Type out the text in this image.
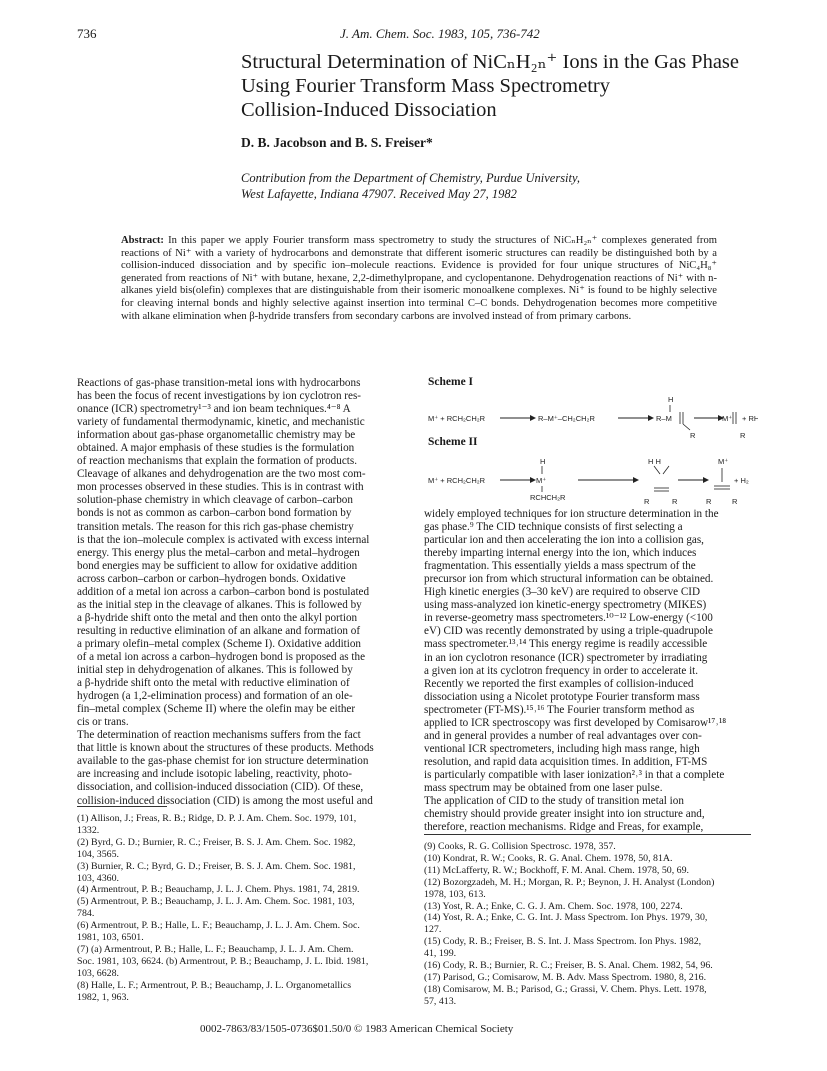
736	J. Am. Chem. Soc. 1983, 105, 736-742
Structural Determination of NiCₙH₂ₙ⁺ Ions in the Gas Phase
Using Fourier Transform Mass Spectrometry
Collision-Induced Dissociation
D. B. Jacobson and B. S. Freiser*
Contribution from the Department of Chemistry, Purdue University,
West Lafayette, Indiana 47907. Received May 27, 1982
Abstract: In this paper we apply Fourier transform mass spectrometry to study the structures of NiCₙH₂ₙ⁺ complexes generated from reactions of Ni⁺ with a variety of hydrocarbons and demonstrate that different isomeric structures can readily be distinguished both by a collision-induced dissociation and by specific ion–molecule reactions. Evidence is provided for four unique structures of NiC₄H₈⁺ generated from reactions of Ni⁺ with butane, hexane, 2,2-dimethylpropane, and cyclopentanone. Dehydrogenation reactions of Ni⁺ with n-alkanes yield bis(olefin) complexes that are distinguishable from their isomeric monoalkene complexes. Ni⁺ is found to be highly selective for cleaving internal bonds and highly selective against insertion into terminal C–C bonds. Dehydrogenation becomes more competitive with alkane elimination when β-hydride transfers from secondary carbons are involved instead of from primary carbons.
Reactions of gas-phase transition-metal ions with hydrocarbons
has been the focus of recent investigations by ion cyclotron res-
onance (ICR) spectrometry¹⁻³ and ion beam techniques.⁴⁻⁸ A
variety of fundamental thermodynamic, kinetic, and mechanistic
information about gas-phase organometallic chemistry may be
obtained. A major emphasis of these studies is the formulation
of reaction mechanisms that explain the formation of products.
Cleavage of alkanes and dehydrogenation are the two most com-
mon processes observed in these studies. This is in contrast with
solution-phase chemistry in which cleavage of carbon–carbon
bonds is not as common as carbon–carbon bond formation by
transition metals. The reason for this rich gas-phase chemistry
is that the ion–molecule complex is activated with excess internal
energy. This energy plus the metal–carbon and metal–hydrogen
bond energies may be sufficient to allow for oxidative addition
across carbon–carbon or carbon–hydrogen bonds. Oxidative
addition of a metal ion across a carbon–carbon bond is postulated
as the initial step in the cleavage of alkanes. This is followed by
a β-hydride shift onto the metal and then onto the alkyl portion
resulting in reductive elimination of an alkane and formation of
a primary olefin–metal complex (Scheme I). Oxidative addition
of a metal ion across a carbon–hydrogen bond is proposed as the
initial step in dehydrogenation of alkanes. This is followed by
a β-hydride shift onto the metal with reductive elimination of
hydrogen (a 1,2-elimination process) and formation of an ole-
fin–metal complex (Scheme II) where the olefin may be either
cis or trans.
The determination of reaction mechanisms suffers from the fact
that little is known about the structures of these products. Methods
available to the gas-phase chemist for ion structure determination
are increasing and include isotopic labeling, reactivity, photo-
dissociation, and collision-induced dissociation (CID). Of these,
collision-induced dissociation (CID) is among the most useful and
Scheme I
M⁺ + RCH₂CH₂R	R–M⁺–CH₂CH₂R
H
R–M
R
M⁺
R
+ RH
Scheme II
M⁺ + RCH₂CH₂R
H
M⁺
RCHCH₂R
H H
R	R
M⁺
R	R
+ H₂
widely employed techniques for ion structure determination in the
gas phase.⁹ The CID technique consists of first selecting a
particular ion and then accelerating the ion into a collision gas,
thereby imparting internal energy into the ion, which induces
fragmentation. This essentially yields a mass spectrum of the
precursor ion from which structural information can be obtained.
High kinetic energies (3–30 keV) are required to observe CID
using mass-analyzed ion kinetic-energy spectrometry (MIKES)
in reverse-geometry mass spectrometers.¹⁰⁻¹² Low-energy (<100
eV) CID was recently demonstrated by using a triple-quadrupole
mass spectrometer.¹³˒¹⁴ This energy regime is readily accessible
in an ion cyclotron resonance (ICR) spectrometer by irradiating
a given ion at its cyclotron frequency in order to accelerate it.
Recently we reported the first examples of collision-induced
dissociation using a Nicolet prototype Fourier transform mass
spectrometer (FT-MS).¹⁵˒¹⁶ The Fourier transform method as
applied to ICR spectroscopy was first developed by Comisarow¹⁷˒¹⁸
and in general provides a number of real advantages over con-
ventional ICR spectrometers, including high mass range, high
resolution, and rapid data acquisition times. In addition, FT-MS
is particularly compatible with laser ionization²˒³ in that a complete
mass spectrum may be obtained from one laser pulse.
The application of CID to the study of transition metal ion
chemistry should provide greater insight into ion structure and,
therefore, reaction mechanisms. Ridge and Freas, for example,
(1) Allison, J.; Freas, R. B.; Ridge, D. P. J. Am. Chem. Soc. 1979, 101,
1332.
(2) Byrd, G. D.; Burnier, R. C.; Freiser, B. S. J. Am. Chem. Soc. 1982,
104, 3565.
(3) Burnier, R. C.; Byrd, G. D.; Freiser, B. S. J. Am. Chem. Soc. 1981,
103, 4360.
(4) Armentrout, P. B.; Beauchamp, J. L. J. Chem. Phys. 1981, 74, 2819.
(5) Armentrout, P. B.; Beauchamp, J. L. J. Am. Chem. Soc. 1981, 103,
784.
(6) Armentrout, P. B.; Halle, L. F.; Beauchamp, J. L. J. Am. Chem. Soc.
1981, 103, 6501.
(7) (a) Armentrout, P. B.; Halle, L. F.; Beauchamp, J. L. J. Am. Chem.
Soc. 1981, 103, 6624. (b) Armentrout, P. B.; Beauchamp, J. L. Ibid. 1981,
103, 6628.
(8) Halle, L. F.; Armentrout, P. B.; Beauchamp, J. L. Organometallics
1982, 1, 963.
(9) Cooks, R. G. Collision Spectrosc. 1978, 357.
(10) Kondrat, R. W.; Cooks, R. G. Anal. Chem. 1978, 50, 81A.
(11) McLafferty, R. W.; Bockhoff, F. M. Anal. Chem. 1978, 50, 69.
(12) Bozorgzadeh, M. H.; Morgan, R. P.; Beynon, J. H. Analyst (London)
1978, 103, 613.
(13) Yost, R. A.; Enke, C. G. J. Am. Chem. Soc. 1978, 100, 2274.
(14) Yost, R. A.; Enke, C. G. Int. J. Mass Spectrom. Ion Phys. 1979, 30,
127.
(15) Cody, R. B.; Freiser, B. S. Int. J. Mass Spectrom. Ion Phys. 1982,
41, 199.
(16) Cody, R. B.; Burnier, R. C.; Freiser, B. S. Anal. Chem. 1982, 54, 96.
(17) Parisod, G.; Comisarow, M. B. Adv. Mass Spectrom. 1980, 8, 216.
(18) Comisarow, M. B.; Parisod, G.; Grassi, V. Chem. Phys. Lett. 1978,
57, 413.
0002-7863/83/1505-0736$01.50/0 © 1983 American Chemical Society
